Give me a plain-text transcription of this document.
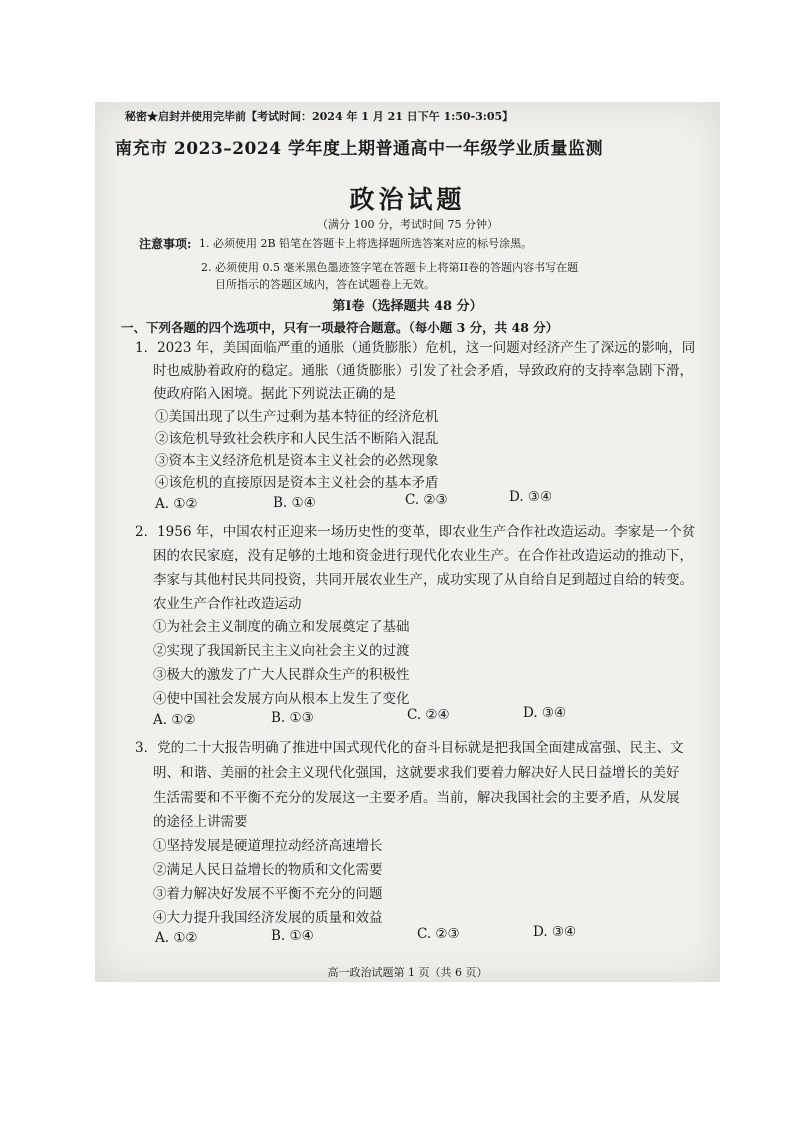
秘密★启封并使用完毕前【考试时间：2024 年 1 月 21 日下午 1:50-3:05】
南充市 2023–2024 学年度上期普通高中一年级学业质量监测
政治试题
（满分 100 分，考试时间 75 分钟）
注意事项: 1. 必须使用 2B 铅笔在答题卡上将选择题所选答案对应的标号涂黑。
2. 必须使用 0.5 毫米黑色墨迹签字笔在答题卡上将第II卷的答题内容书写在题
目所指示的答题区域内，答在试题卷上无效。
第I卷（选择题共 48 分）
一、下列各题的四个选项中，只有一项最符合题意。（每小题 3 分，共 48 分）
1．2023 年，美国面临严重的通胀（通货膨胀）危机，这一问题对经济产生了深远的影响，同
时也威胁着政府的稳定。通胀（通货膨胀）引发了社会矛盾，导致政府的支持率急剧下滑，
使政府陷入困境。据此下列说法正确的是
①美国出现了以生产过剩为基本特征的经济危机
②该危机导致社会秩序和人民生活不断陷入混乱
③资本主义经济危机是资本主义社会的必然现象
④该危机的直接原因是资本主义社会的基本矛盾
A. ①②	B. ①④	C. ②③	D. ③④
2．1956 年，中国农村正迎来一场历史性的变革，即农业生产合作社改造运动。李家是一个贫
困的农民家庭，没有足够的土地和资金进行现代化农业生产。在合作社改造运动的推动下，
李家与其他村民共同投资，共同开展农业生产，成功实现了从自给自足到超过自给的转变。
农业生产合作社改造运动
①为社会主义制度的确立和发展奠定了基础
②实现了我国新民主主义向社会主义的过渡
③极大的激发了广大人民群众生产的积极性
④使中国社会发展方向从根本上发生了变化
A. ①②	B. ①③	C. ②④	D. ③④
3．党的二十大报告明确了推进中国式现代化的奋斗目标就是把我国全面建成富强、民主、文
明、和谐、美丽的社会主义现代化强国，这就要求我们要着力解决好人民日益增长的美好
生活需要和不平衡不充分的发展这一主要矛盾。当前，解决我国社会的主要矛盾，从发展
的途径上讲需要
①坚持发展是硬道理拉动经济高速增长
②满足人民日益增长的物质和文化需要
③着力解决好发展不平衡不充分的问题
④大力提升我国经济发展的质量和效益
A. ①②	B. ①④	C. ②③	D. ③④
高一政治试题第 1 页（共 6 页）
